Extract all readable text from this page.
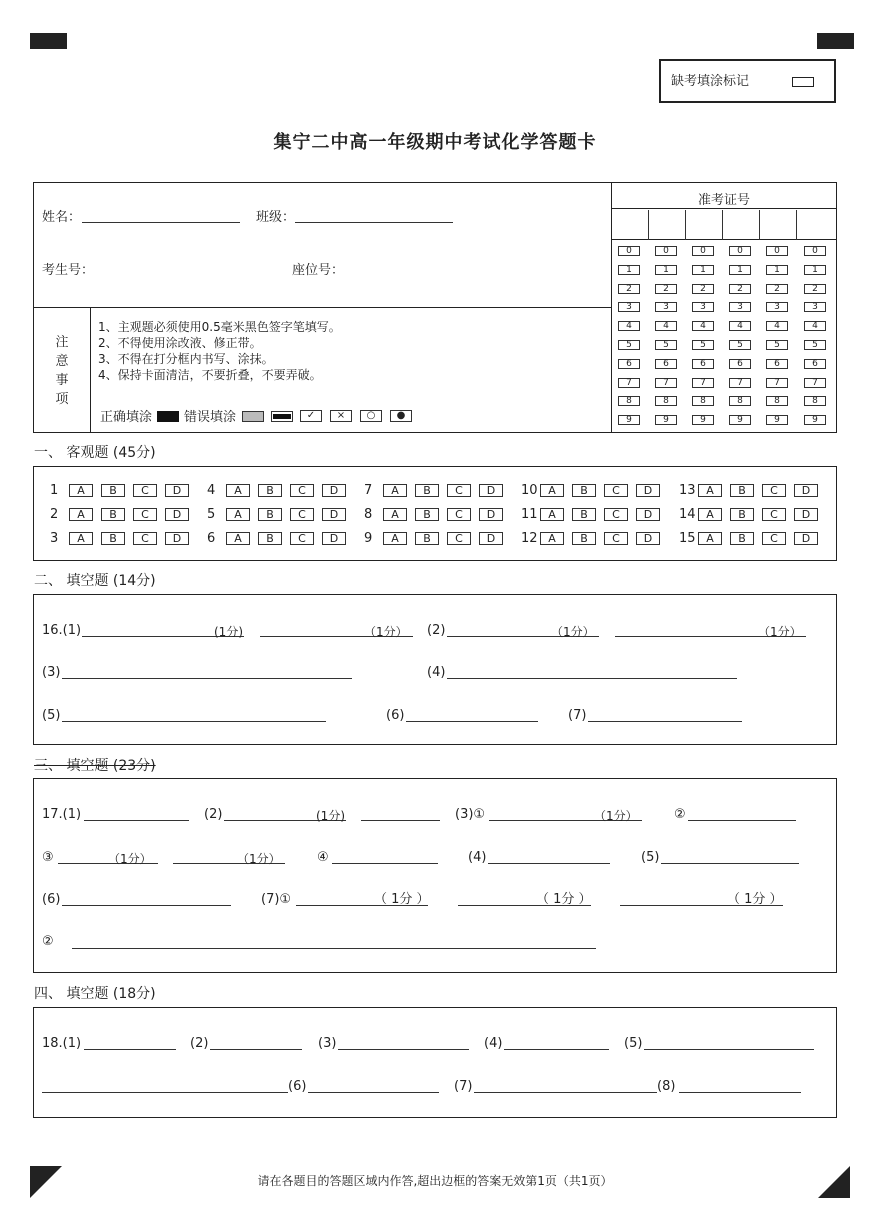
缺考填涂标记
集宁二中高一年级期中考试化学答题卡
姓名：	班级：
考生号：	座位号：
注
意
事
项
1、主观题必须使用0.5毫米黑色签字笔填写。
2、不得使用涂改液、修正带。
3、不得在打分框内书写、涂抹。
4、保持卡面清洁，不要折叠，不要弄破。
正确填涂 错误填涂	✓	×	○	●
准考证号
0	0	0	0	0	0
1	1	1	1	1	1
2	2	2	2	2	2
3	3	3	3	3	3
4	4	4	4	4	4
5	5	5	5	5	5
6	6	6	6	6	6
7	7	7	7	7	7
8	8	8	8	8	8
9	9	9	9	9	9
一、 客观题 (45分)
1	A	B	C	D
2	A	B	C	D
3	A	B	C	D
4	A	B	C	D
5	A	B	C	D
6	A	B	C	D
7	A	B	C	D
8	A	B	C	D
9	A	B	C	D
10 A	B	C	D
11 A	B	C	D
12 A	B	C	D
13 A	B	C	D
14 A	B	C	D
15 A	B	C	D
二、 填空题 (14分)
16.(1)	(1分)	（1分） (2)	（1分）	（1分）
(3)	(4)
(5)	(6)	(7)
三、 填空题 (23分)
17.(1)	(2)	(1分)	(3)①	（1分）	②
③	（1分）	（1分）	④	(4)	(5)
(6)	(7)①	（ 1分 ）	（ 1分 ）	（ 1分 ）
②
四、 填空题 (18分)
18.(1)	(2)	(3)	(4)	(5)
(6)	(7)	(8)
请在各题目的答题区域内作答,超出边框的答案无效第1页（共1页）
